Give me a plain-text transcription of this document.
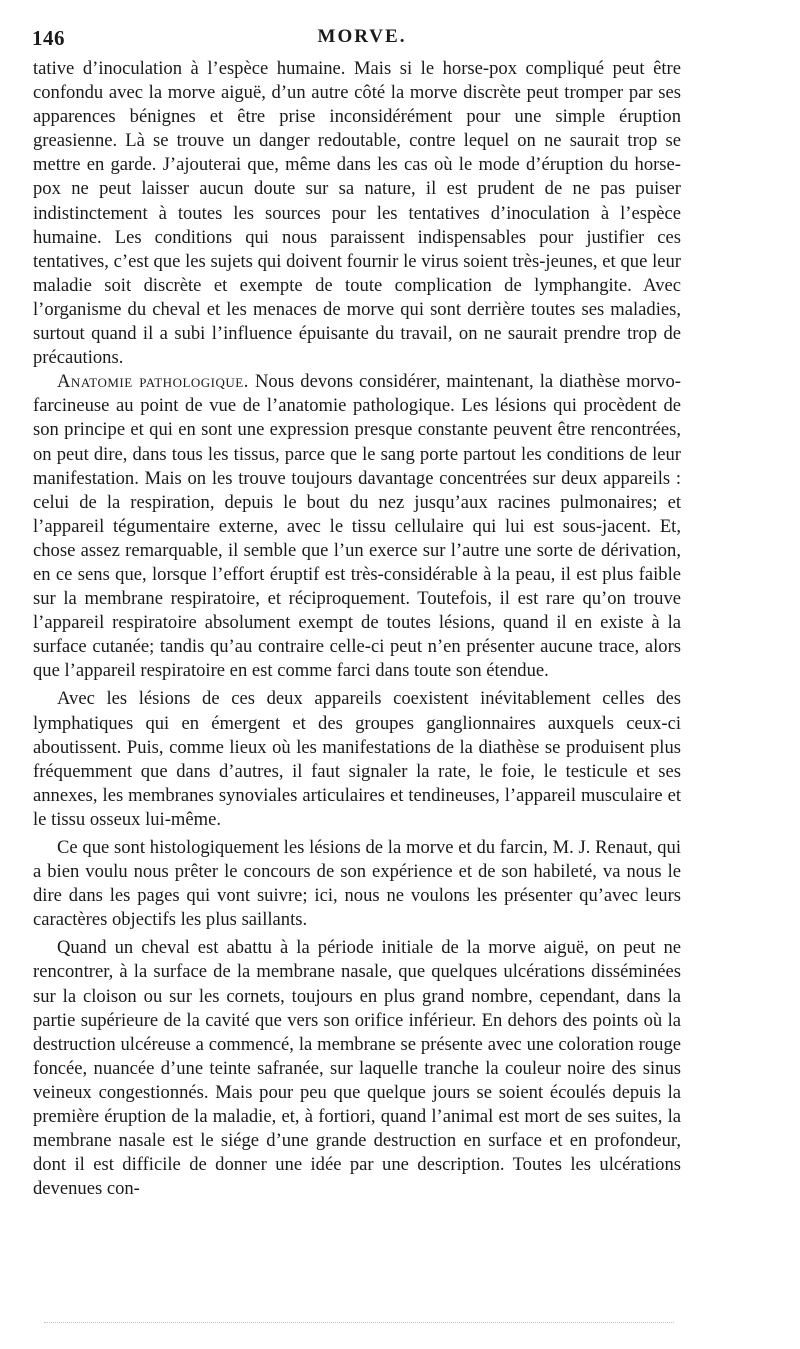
146	MORVE.

tative d’inoculation à l’espèce humaine. Mais si le horse-pox compliqué peut être confondu avec la morve aiguë, d’un autre côté la morve discrète peut tromper par ses apparences bénignes et être prise inconsidérément pour une simple éruption greasienne. Là se trouve un danger redoutable, contre lequel on ne saurait trop se mettre en garde. J’ajouterai que, même dans les cas où le mode d’éruption du horse-pox ne peut laisser aucun doute sur sa nature, il est prudent de ne pas puiser indistinctement à toutes les sources pour les tentatives d’inoculation à l’espèce humaine. Les conditions qui nous paraissent indispensables pour justifier ces tentatives, c’est que les sujets qui doivent fournir le virus soient très-jeunes, et que leur maladie soit discrète et exempte de toute complication de lymphangite. Avec l’organisme du cheval et les menaces de morve qui sont derrière toutes ses maladies, surtout quand il a subi l’influence épuisante du travail, on ne saurait prendre trop de précautions.

Anatomie pathologique. Nous devons considérer, maintenant, la diathèse morvo-farcineuse au point de vue de l’anatomie pathologique. Les lésions qui procèdent de son principe et qui en sont une expression presque constante peuvent être rencontrées, on peut dire, dans tous les tissus, parce que le sang porte partout les conditions de leur manifestation. Mais on les trouve toujours davantage concentrées sur deux appareils : celui de la respiration, depuis le bout du nez jusqu’aux racines pulmonaires; et l’appareil tégumentaire externe, avec le tissu cellulaire qui lui est sous-jacent. Et, chose assez remarquable, il semble que l’un exerce sur l’autre une sorte de dérivation, en ce sens que, lorsque l’effort éruptif est très-considérable à la peau, il est plus faible sur la membrane respiratoire, et réciproquement. Toutefois, il est rare qu’on trouve l’appareil respiratoire absolument exempt de toutes lésions, quand il en existe à la surface cutanée; tandis qu’au contraire celle-ci peut n’en présenter aucune trace, alors que l’appareil respiratoire en est comme farci dans toute son étendue.

Avec les lésions de ces deux appareils coexistent inévitablement celles des lymphatiques qui en émergent et des groupes ganglionnaires auxquels ceux-ci aboutissent. Puis, comme lieux où les manifestations de la diathèse se produisent plus fréquemment que dans d’autres, il faut signaler la rate, le foie, le testicule et ses annexes, les membranes synoviales articulaires et tendineuses, l’appareil musculaire et le tissu osseux lui-même.

Ce que sont histologiquement les lésions de la morve et du farcin, M. J. Renaut, qui a bien voulu nous prêter le concours de son expérience et de son habileté, va nous le dire dans les pages qui vont suivre; ici, nous ne voulons les présenter qu’avec leurs caractères objectifs les plus saillants.

Quand un cheval est abattu à la période initiale de la morve aiguë, on peut ne rencontrer, à la surface de la membrane nasale, que quelques ulcérations disséminées sur la cloison ou sur les cornets, toujours en plus grand nombre, cependant, dans la partie supérieure de la cavité que vers son orifice inférieur. En dehors des points où la destruction ulcéreuse a commencé, la membrane se présente avec une coloration rouge foncée, nuancée d’une teinte safranée, sur laquelle tranche la couleur noire des sinus veineux congestionnés. Mais pour peu que quelque jours se soient écoulés depuis la première éruption de la maladie, et, à fortiori, quand l’animal est mort de ses suites, la membrane nasale est le siége d’une grande destruction en surface et en profondeur, dont il est difficile de donner une idée par une description. Toutes les ulcérations devenues con-
